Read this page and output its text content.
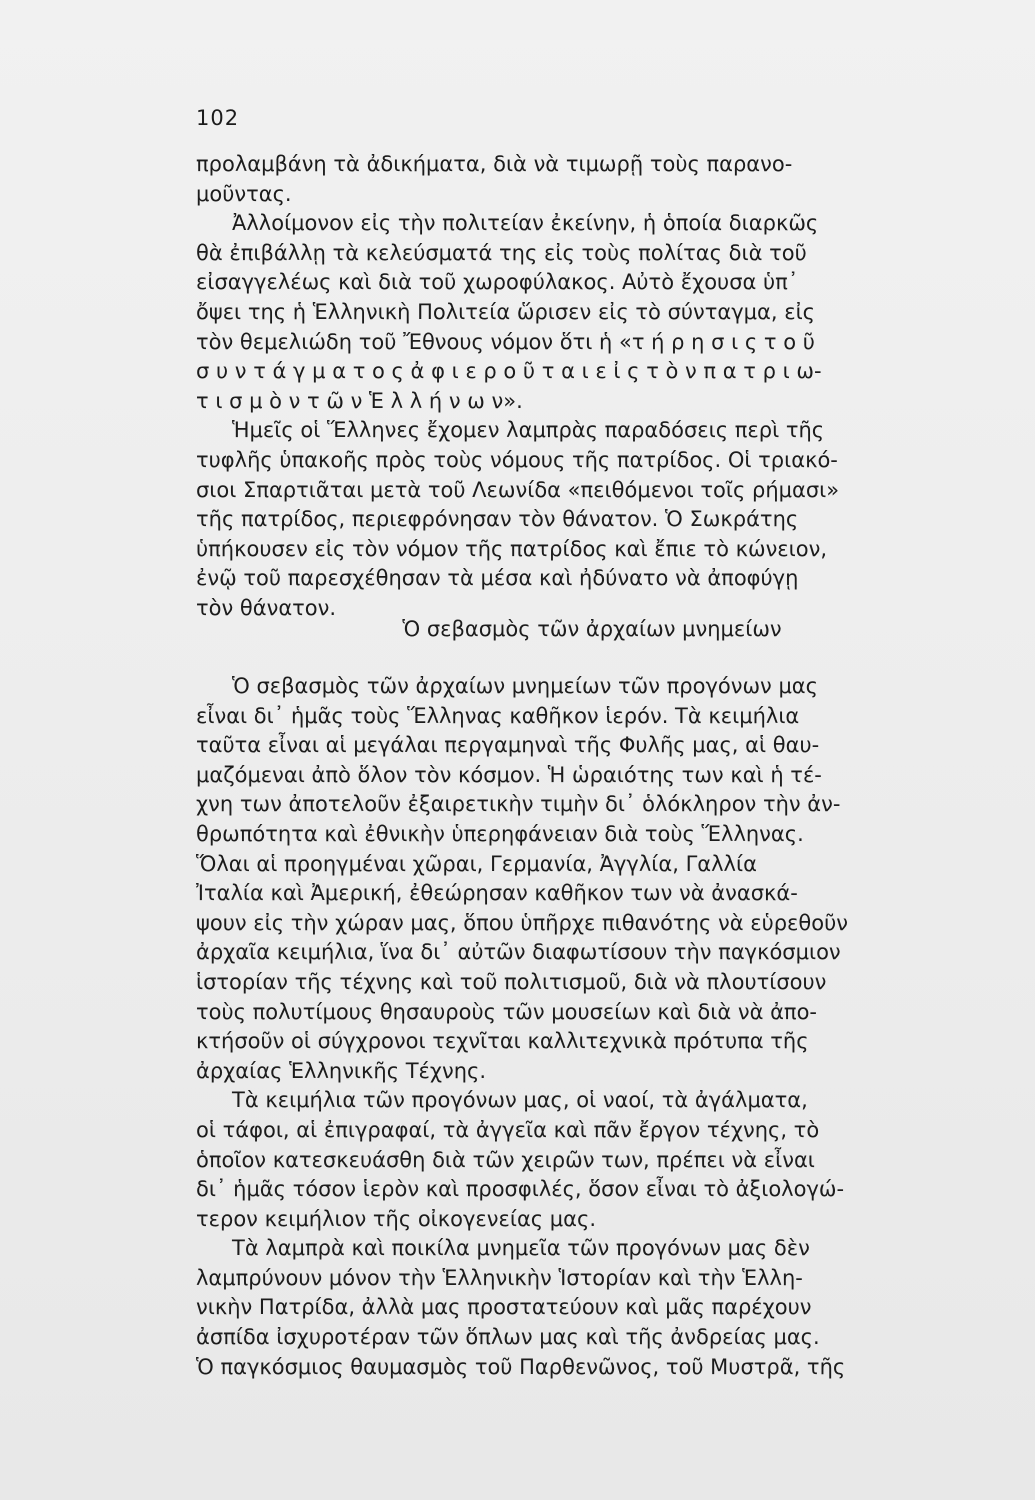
102
προλαμβάνη τὰ ἀδικήματα, διὰ νὰ τιμωρῇ τοὺς παρανο-
μοῦντας.
Ἀλλοίμονον εἰς τὴν πολιτείαν ἐκείνην, ἡ ὁποία διαρκῶς
θὰ ἐπιβάλλῃ τὰ κελεύσματά της εἰς τοὺς πολίτας διὰ τοῦ
εἰσαγγελέως καὶ διὰ τοῦ χωροφύλακος. Αὐτὸ ἔχουσα ὑπ᾿
ὄψει της ἡ Ἑλληνικὴ Πολιτεία ὥρισεν εἰς τὸ σύνταγμα, εἰς
τὸν θεμελιώδη τοῦ Ἔθνους νόμον ὅτι ἡ «τ ή ρ η σ ι ς τ ο ῦ
σ υ ν τ ά γ μ α τ ο ς ἀ φ ι ε ρ ο ῦ τ α ι ε ἰ ς τ ὸ ν π α τ ρ ι ω-
τ ι σ μ ὸ ν τ ῶ ν Ἑ λ λ ή ν ω ν».
Ἡμεῖς οἱ Ἕλληνες ἔχομεν λαμπρὰς παραδόσεις περὶ τῆς
τυφλῆς ὑπακοῆς πρὸς τοὺς νόμους τῆς πατρίδος. Οἱ τριακό-
σιοι Σπαρτιᾶται μετὰ τοῦ Λεωνίδα «πειθόμενοι τοῖς ρήμασι»
τῆς πατρίδος, περιεφρόνησαν τὸν θάνατον. Ὁ Σωκράτης
ὑπήκουσεν εἰς τὸν νόμον τῆς πατρίδος καὶ ἔπιε τὸ κώνειον,
ἐνῷ τοῦ παρεσχέθησαν τὰ μέσα καὶ ἠδύνατο νὰ ἀποφύγῃ
τὸν θάνατον.
Ὁ σεβασμὸς τῶν ἀρχαίων μνημείων
Ὁ σεβασμὸς τῶν ἀρχαίων μνημείων τῶν προγόνων μας
εἶναι δι᾿ ἡμᾶς τοὺς Ἕλληνας καθῆκον ἱερόν. Τὰ κειμήλια
ταῦτα εἶναι αἱ μεγάλαι περγαμηναὶ τῆς Φυλῆς μας, αἱ θαυ-
μαζόμεναι ἀπὸ ὅλον τὸν κόσμον. Ἡ ὡραιότης των καὶ ἡ τέ-
χνη των ἀποτελοῦν ἐξαιρετικὴν τιμὴν δι᾿ ὁλόκληρον τὴν ἀν-
θρωπότητα καὶ ἐθνικὴν ὑπερηφάνειαν διὰ τοὺς Ἕλληνας.
Ὅλαι αἱ προηγμέναι χῶραι, Γερμανία, Ἀγγλία, Γαλλία
Ἰταλία καὶ Ἀμερική, ἐθεώρησαν καθῆκον των νὰ ἀνασκά-
ψουν εἰς τὴν χώραν μας, ὅπου ὑπῆρχε πιθανότης νὰ εὑρεθοῦν
ἀρχαῖα κειμήλια, ἵνα δι᾿ αὐτῶν διαφωτίσουν τὴν παγκόσμιον
ἱστορίαν τῆς τέχνης καὶ τοῦ πολιτισμοῦ, διὰ νὰ πλουτίσουν
τοὺς πολυτίμους θησαυροὺς τῶν μουσείων καὶ διὰ νὰ ἀπο-
κτήσοῦν οἱ σύγχρονοι τεχνῖται καλλιτεχνικὰ πρότυπα τῆς
ἀρχαίας Ἑλληνικῆς Τέχνης.
Τὰ κειμήλια τῶν προγόνων μας, οἱ ναοί, τὰ ἀγάλματα,
οἱ τάφοι, αἱ ἐπιγραφαί, τὰ ἀγγεῖα καὶ πᾶν ἔργον τέχνης, τὸ
ὁποῖον κατεσκευάσθη διὰ τῶν χειρῶν των, πρέπει νὰ εἶναι
δι᾿ ἡμᾶς τόσον ἱερὸν καὶ προσφιλές, ὅσον εἶναι τὸ ἀξιολογώ-
τερον κειμήλιον τῆς οἰκογενείας μας.
Τὰ λαμπρὰ καὶ ποικίλα μνημεῖα τῶν προγόνων μας δὲν
λαμπρύνουν μόνον τὴν Ἑλληνικὴν Ἱστορίαν καὶ τὴν Ἑλλη-
νικὴν Πατρίδα, ἀλλὰ μας προστατεύουν καὶ μᾶς παρέχουν
ἀσπίδα ἰσχυροτέραν τῶν ὅπλων μας καὶ τῆς ἀνδρείας μας.
Ὁ παγκόσμιος θαυμασμὸς τοῦ Παρθενῶνος, τοῦ Μυστρᾶ, τῆς
